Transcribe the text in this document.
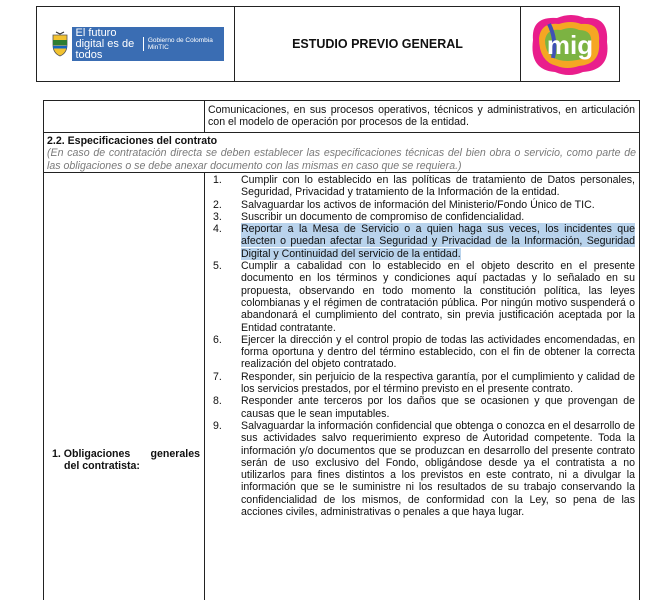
El futuro digital es de todos
Gobierno de Colombia MinTIC	ESTUDIO PREVIO GENERAL	mig
Comunicaciones, en sus procesos operativos, técnicos y administrativos, en articulación con el modelo de operación por procesos de la entidad.
2.2. Especificaciones del contrato
(En caso de contratación directa se deben establecer las especificaciones técnicas del bien obra o servicio, como parte de las obligaciones o se debe anexar documento con las mismas en caso que se requiera.)
1. Obligaciones generales
del contratista:
1.	Cumplir con lo establecido en las políticas de tratamiento de Datos personales, Seguridad, Privacidad y tratamiento de la Información de la entidad.
2.	Salvaguardar los activos de información del Ministerio/Fondo Único de TIC.
3.	Suscribir un documento de compromiso de confidencialidad.
4.	Reportar a la Mesa de Servicio o a quien haga sus veces, los incidentes que afecten o puedan afectar la Seguridad y Privacidad de la Información, Seguridad Digital y Continuidad del servicio de la entidad.
5.	Cumplir a cabalidad con lo establecido en el objeto descrito en el presente documento en los términos y condiciones aquí pactadas y lo señalado en su propuesta, observando en todo momento la constitución política, las leyes colombianas y el régimen de contratación pública. Por ningún motivo suspenderá o abandonará el cumplimiento del contrato, sin previa justificación aceptada por la Entidad contratante.
6.	Ejercer la dirección y el control propio de todas las actividades encomendadas, en forma oportuna y dentro del término establecido, con el fin de obtener la correcta realización del objeto contratado.
7.	Responder, sin perjuicio de la respectiva garantía, por el cumplimiento y calidad de los servicios prestados, por el término previsto en el presente contrato.
8.	Responder ante terceros por los daños que se ocasionen y que provengan de causas que le sean imputables.
9.	Salvaguardar la información confidencial que obtenga o conozca en el desarrollo de sus actividades salvo requerimiento expreso de Autoridad competente. Toda la información y/o documentos que se produzcan en desarrollo del presente contrato serán de uso exclusivo del Fondo, obligándose desde ya el contratista a no utilizarlos para fines distintos a los previstos en este contrato, ni a divulgar la información que se le suministre ni los resultados de su trabajo conservando la confidencialidad de los mismos, de conformidad con la Ley, so pena de las acciones civiles, administrativas o penales a que haya lugar.
